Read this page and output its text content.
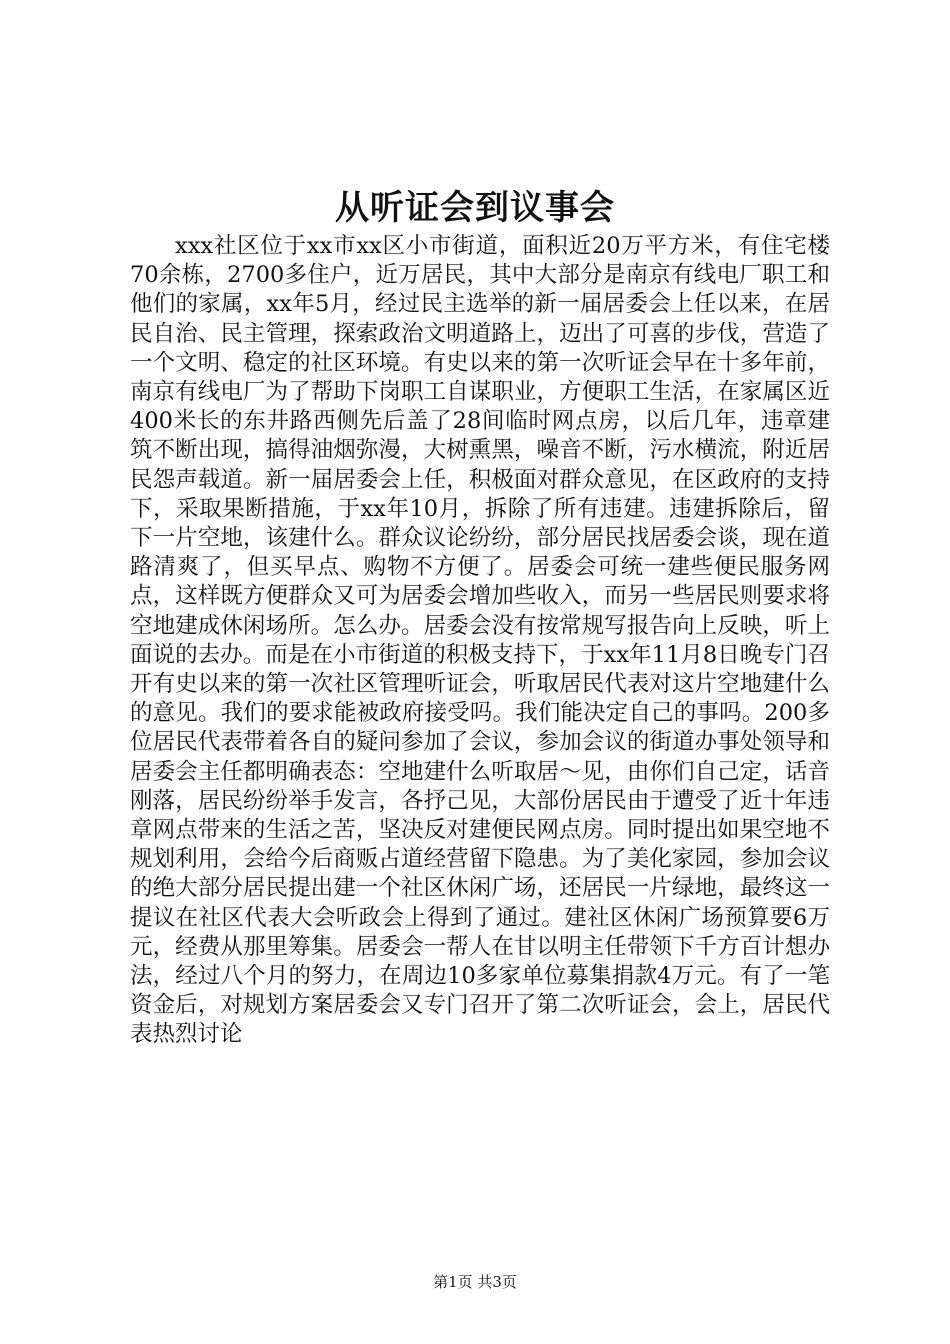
从听证会到议事会

xxx社区位于xx市xx区小市街道，面积近20万平方米，有住宅楼70余栋，2700多住户，近万居民，其中大部分是南京有线电厂职工和他们的家属，xx年5月，经过民主选举的新一届居委会上任以来，在居民自治、民主管理，探索政治文明道路上，迈出了可喜的步伐，营造了一个文明、稳定的社区环境。有史以来的第一次听证会早在十多年前，南京有线电厂为了帮助下岗职工自谋职业，方便职工生活，在家属区近400米长的东井路西侧先后盖了28间临时网点房，以后几年，违章建筑不断出现，搞得油烟弥漫，大树熏黑，噪音不断，污水横流，附近居民怨声载道。新一届居委会上任，积极面对群众意见，在区政府的支持下，采取果断措施，于xx年10月，拆除了所有违建。违建拆除后，留下一片空地，该建什么。群众议论纷纷，部分居民找居委会谈，现在道路清爽了，但买早点、购物不方便了。居委会可统一建些便民服务网点，这样既方便群众又可为居委会增加些收入，而另一些居民则要求将空地建成休闲场所。怎么办。居委会没有按常规写报告向上反映，听上面说的去办。而是在小市街道的积极支持下，于xx年11月8日晚专门召开有史以来的第一次社区管理听证会，听取居民代表对这片空地建什么的意见。我们的要求能被政府接受吗。我们能决定自己的事吗。200多位居民代表带着各自的疑问参加了会议，参加会议的街道办事处领导和居委会主任都明确表态：空地建什么听取居～见，由你们自己定，话音刚落，居民纷纷举手发言，各抒己见，大部份居民由于遭受了近十年违章网点带来的生活之苦，坚决反对建便民网点房。同时提出如果空地不规划利用，会给今后商贩占道经营留下隐患。为了美化家园，参加会议的绝大部分居民提出建一个社区休闲广场，还居民一片绿地，最终这一提议在社区代表大会听政会上得到了通过。建社区休闲广场预算要6万元，经费从那里筹集。居委会一帮人在甘以明主任带领下千方百计想办法，经过八个月的努力，在周边10多家单位募集捐款4万元。有了一笔资金后，对规划方案居委会又专门召开了第二次听证会，会上，居民代表热烈讨论

第1页 共3页
